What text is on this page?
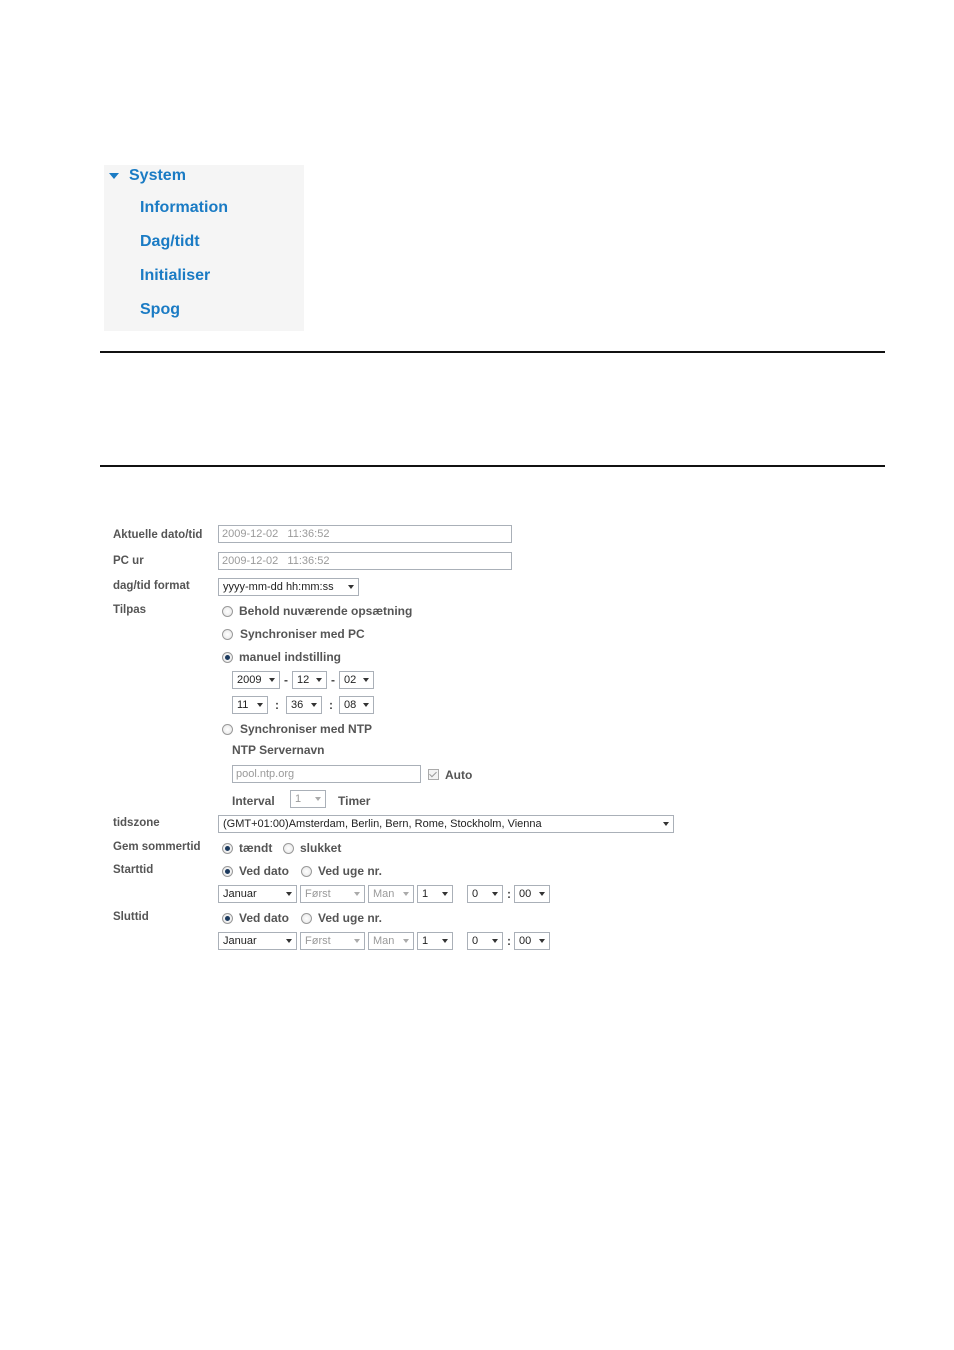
System
Information
Dag/tidt
Initialiser
Spog
Aktuelle dato/tid	2009-12-02   11:36:52
PC ur	2009-12-02   11:36:52
dag/tid format	yyyy-mm-dd hh:mm:ss
Tilpas	Behold nuværende opsætning
Synchroniser med PC
manuel indstilling
2009	- 12	- 02
11	:	36	:	08
Synchroniser med NTP
NTP Servernavn
pool.ntp.org	Auto
Interval	1	Timer
tidszone	(GMT+01:00)Amsterdam, Berlin, Bern, Rome, Stockholm, Vienna
Gem sommertid	tændt slukket
Starttid	Ved dato Ved uge nr.
Januar	Først	Man	1	0	: 00
Sluttid	Ved dato Ved uge nr.
Januar	Først	Man	1	0	: 00
